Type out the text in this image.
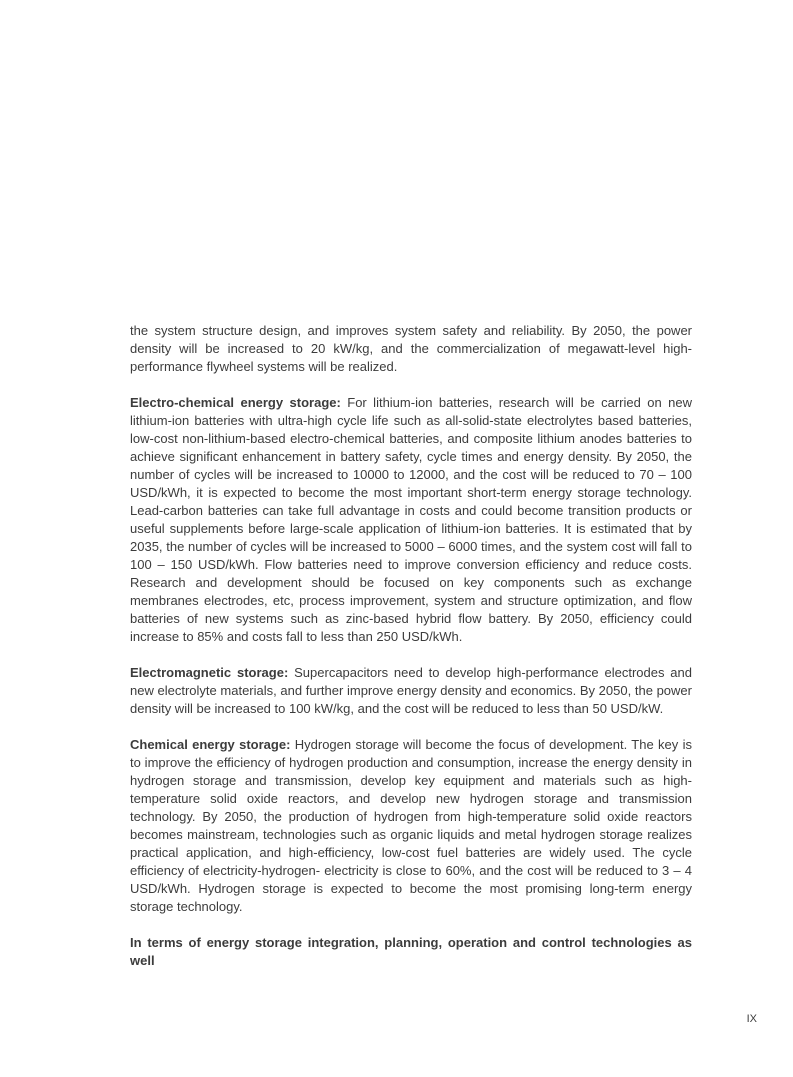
the system structure design, and improves system safety and reliability. By 2050, the power density will be increased to 20 kW/kg, and the commercialization of megawatt-level high-performance flywheel systems will be realized.

Electro-chemical energy storage: For lithium-ion batteries, research will be carried on new lithium-ion batteries with ultra-high cycle life such as all-solid-state electrolytes based batteries, low-cost non-lithium-based electro-chemical batteries, and composite lithium anodes batteries to achieve significant enhancement in battery safety, cycle times and energy density. By 2050, the number of cycles will be increased to 10000 to 12000, and the cost will be reduced to 70 – 100 USD/kWh, it is expected to become the most important short-term energy storage technology. Lead-carbon batteries can take full advantage in costs and could become transition products or useful supplements before large-scale application of lithium-ion batteries. It is estimated that by 2035, the number of cycles will be increased to 5000 – 6000 times, and the system cost will fall to 100 – 150 USD/kWh. Flow batteries need to improve conversion efficiency and reduce costs. Research and development should be focused on key components such as exchange membranes electrodes, etc, process improvement, system and structure optimization, and flow batteries of new systems such as zinc-based hybrid flow battery. By 2050, efficiency could increase to 85% and costs fall to less than 250 USD/kWh.

Electromagnetic storage: Supercapacitors need to develop high-performance electrodes and new electrolyte materials, and further improve energy density and economics. By 2050, the power density will be increased to 100 kW/kg, and the cost will be reduced to less than 50 USD/kW.

Chemical energy storage: Hydrogen storage will become the focus of development. The key is to improve the efficiency of hydrogen production and consumption, increase the energy density in hydrogen storage and transmission, develop key equipment and materials such as high-temperature solid oxide reactors, and develop new hydrogen storage and transmission technology. By 2050, the production of hydrogen from high-temperature solid oxide reactors becomes mainstream, technologies such as organic liquids and metal hydrogen storage realizes practical application, and high-efficiency, low-cost fuel batteries are widely used. The cycle efficiency of electricity-hydrogen- electricity is close to 60%, and the cost will be reduced to 3 – 4 USD/kWh. Hydrogen storage is expected to become the most promising long-term energy storage technology.

In terms of energy storage integration, planning, operation and control technologies as well

IX
